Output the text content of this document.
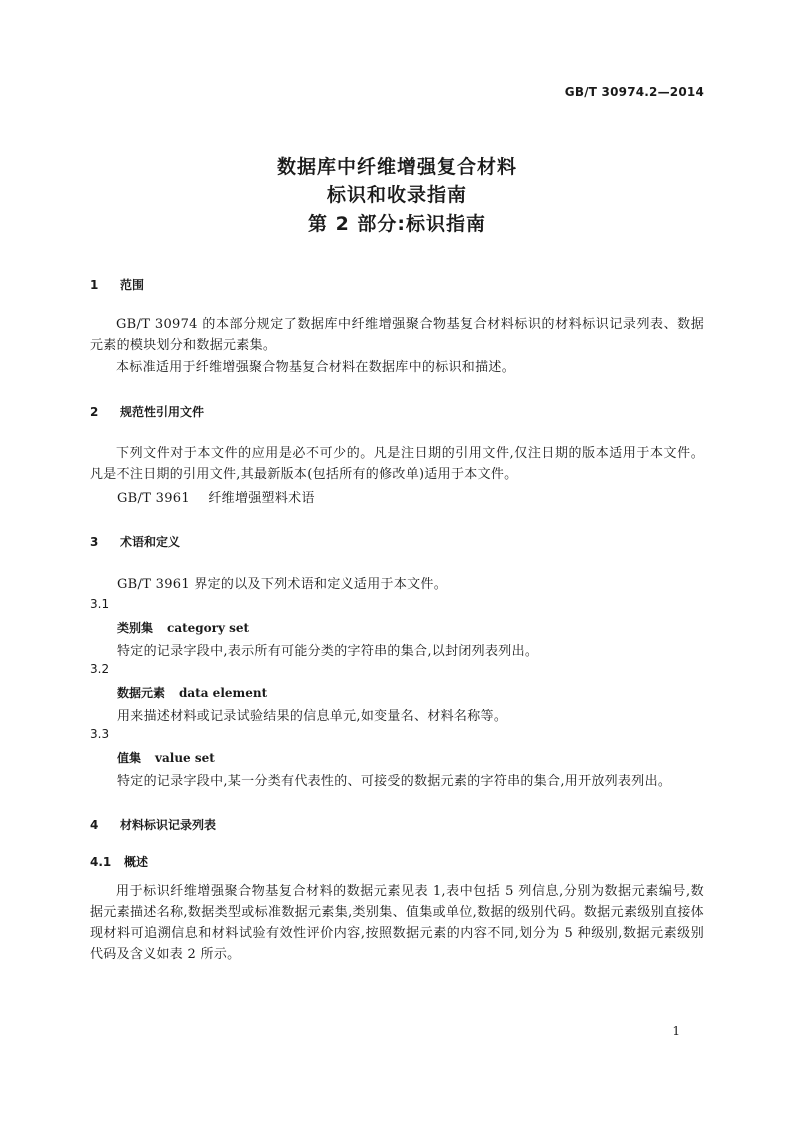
GB/T 30974.2—2014
数据库中纤维增强复合材料
标识和收录指南
第 2 部分:标识指南
1 范围

GB/T 30974 的本部分规定了数据库中纤维增强聚合物基复合材料标识的材料标识记录列表、数据元素的模块划分和数据元素集。

本标准适用于纤维增强聚合物基复合材料在数据库中的标识和描述。

2 规范性引用文件

下列文件对于本文件的应用是必不可少的。凡是注日期的引用文件,仅注日期的版本适用于本文件。凡是不注日期的引用文件,其最新版本(包括所有的修改单)适用于本文件。

GB/T 3961 纤维增强塑料术语

3 术语和定义

GB/T 3961 界定的以及下列术语和定义适用于本文件。

3.1

类别集 category set

特定的记录字段中,表示所有可能分类的字符串的集合,以封闭列表列出。

3.2

数据元素 data element

用来描述材料或记录试验结果的信息单元,如变量名、材料名称等。

3.3

值集 value set

特定的记录字段中,某一分类有代表性的、可接受的数据元素的字符串的集合,用开放列表列出。

4 材料标识记录列表
4.1 概述

用于标识纤维增强聚合物基复合材料的数据元素见表 1,表中包括 5 列信息,分别为数据元素编号,数据元素描述名称,数据类型或标准数据元素集,类别集、值集或单位,数据的级别代码。数据元素级别直接体现材料可追溯信息和材料试验有效性评价内容,按照数据元素的内容不同,划分为 5 种级别,数据元素级别代码及含义如表 2 所示。

1
